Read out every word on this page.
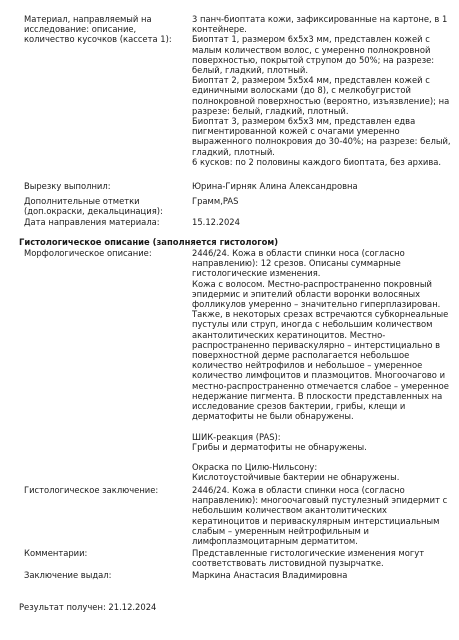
Материал, направляемый на исследование: описание, количество кусочков (кассета 1):
3 панч-биоптата кожи, зафиксированные на картоне, в 1
контейнере.
Биоптат 1, размером 6x5x3 мм, представлен кожей с
малым количеством волос, с умеренно полнокровной
поверхностью, покрытой струпом до 50%; на разрезе:
белый, гладкий, плотный.
Биоптат 2, размером 5x5x4 мм, представлен кожей с
единичными волосками (до 8), с мелкобугристой
полнокровной поверхностью (вероятно, изъязвление); на
разрезе: белый, гладкий, плотный.
Биоптат 3, размером 6x5x3 мм, представлен едва
пигментированной кожей с очагами умеренно
выраженного полнокровия до 30-40%; на разрезе: белый,
гладкий, плотный.
6 кусков: по 2 половины каждого биоптата, без архива.
Вырезку выполнил:	Юрина-Гирняк Алина Александровна
Дополнительные отметки (доп.окраски, декальцинация):
Грамм,PAS
Дата направления материала:	15.12.2024
Гистологическое описание (заполняется гистологом)
Морфологическое описание:	2446/24. Кожа в области спинки носа (согласно
направлению): 12 срезов. Описаны суммарные
гистологические изменения.
Кожа с волосом. Местно-распространенно покровный
эпидермис и эпителий области воронки волосяных
фолликулов умеренно – значительно гиперплазирован.
Также, в некоторых срезах встречаются субкорнеальные
пустулы или струп, иногда с небольшим количеством
акантолитических кератиноцитов. Местно-
распространенно периваскулярно – интерстициально в
поверхностной дерме располагается небольшое
количество нейтрофилов и небольшое – умеренное
количество лимфоцитов и плазмоцитов. Многоочагово и
местно-распространенно отмечается слабое – умеренное
недержание пигмента. В плоскости представленных на
исследование срезов бактерии, грибы, клещи и
дерматофиты не были обнаружены.
ШИК-реакция (PAS):
Грибы и дерматофиты не обнаружены.
Окраска по Цилю-Нильсону:
Кислотоустойчивые бактерии не обнаружены.
Гистологическое заключение:	2446/24. Кожа в области спинки носа (согласно
направлению): многоочаговый пустулезный эпидермит с
небольшим количеством акантолитических
кератиноцитов и периваскулярным интерстициальным
слабым – умеренным нейтрофильным и
лимфоплазмоцитарным дерматитом.
Комментарии:	Представленные гистологические изменения могут
соответствовать листовидной пузырчатке.
Заключение выдал:	Маркина Анастасия Владимировна
Результат получен: 21.12.2024
